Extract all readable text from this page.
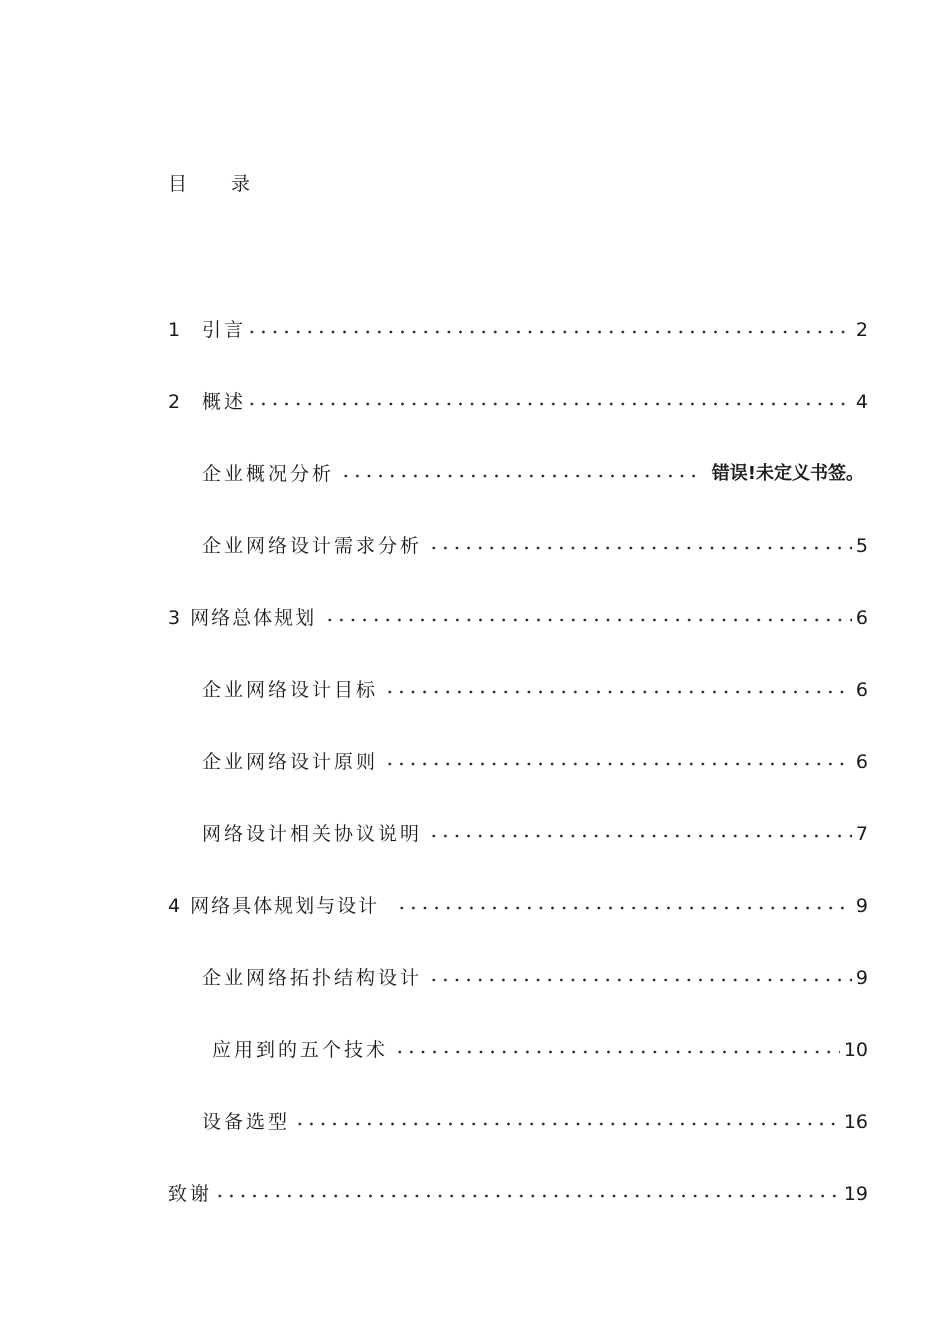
目 录
1 引言	2
2 概述	4
企业概况分析	错误!未定义书签。
企业网络设计需求分析	5
3 网络总体规划	6
企业网络设计目标	6
企业网络设计原则	6
网络设计相关协议说明	7
4 网络具体规划与设计	9
企业网络拓扑结构设计	9
应用到的五个技术	10
设备选型	16
致谢	19
